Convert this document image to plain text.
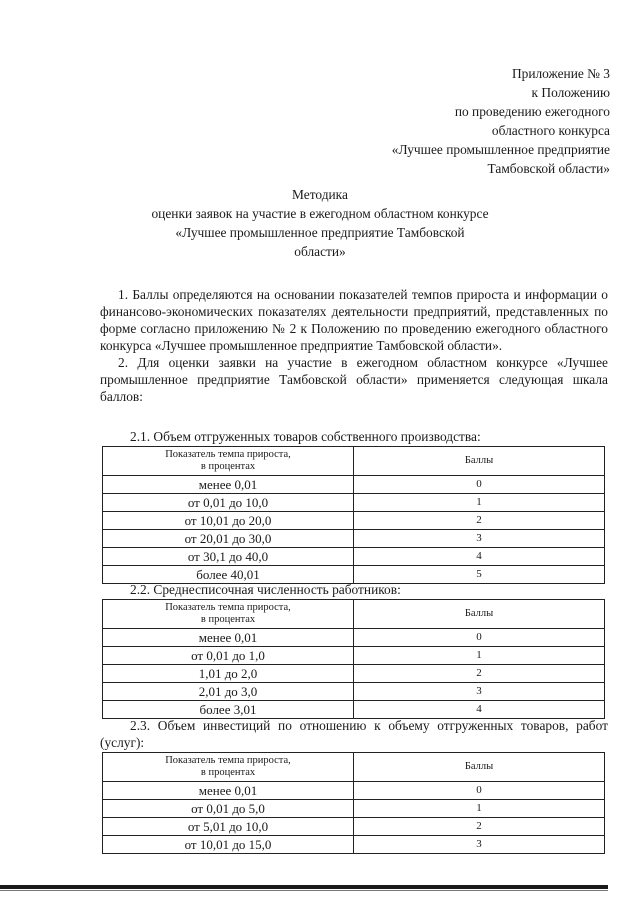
Приложение № 3
к Положению
по проведению ежегодного
областного конкурса
«Лучшее промышленное предприятие
Тамбовской области»
Методика
оценки заявок на участие в ежегодном областном конкурсе
«Лучшее промышленное предприятие Тамбовской
области»

1. Баллы определяются на основании показателей темпов прироста и информации о финансово-экономических показателях деятельности предприятий, представленных по форме согласно приложению № 2 к Положению по проведению ежегодного областного конкурса «Лучшее промышленное предприятие Тамбовской области».

2. Для оценки заявки на участие в ежегодном областном конкурсе «Лучшее промышленное предприятие Тамбовской области» применяется следующая шкала баллов:

2.1. Объем отгруженных товаров собственного производства:

Показатель темпа прироста,
в процентах	Баллы
менее 0,01	0
от 0,01 до 10,0	1
от 10,01 до 20,0	2
от 20,01 до 30,0	3
от 30,1 до 40,0	4
более 40,01	5

2.2. Среднесписочная численность работников:

Показатель темпа прироста,
в процентах	Баллы
менее 0,01	0
от 0,01 до 1,0	1
1,01 до 2,0	2
2,01 до 3,0	3
более 3,01	4

2.3. Объем инвестиций по отношению к объему отгруженных товаров, работ (услуг):

Показатель темпа прироста,
в процентах	Баллы
менее 0,01	0
от 0,01 до 5,0	1
от 5,01 до 10,0	2
от 10,01 до 15,0	3
